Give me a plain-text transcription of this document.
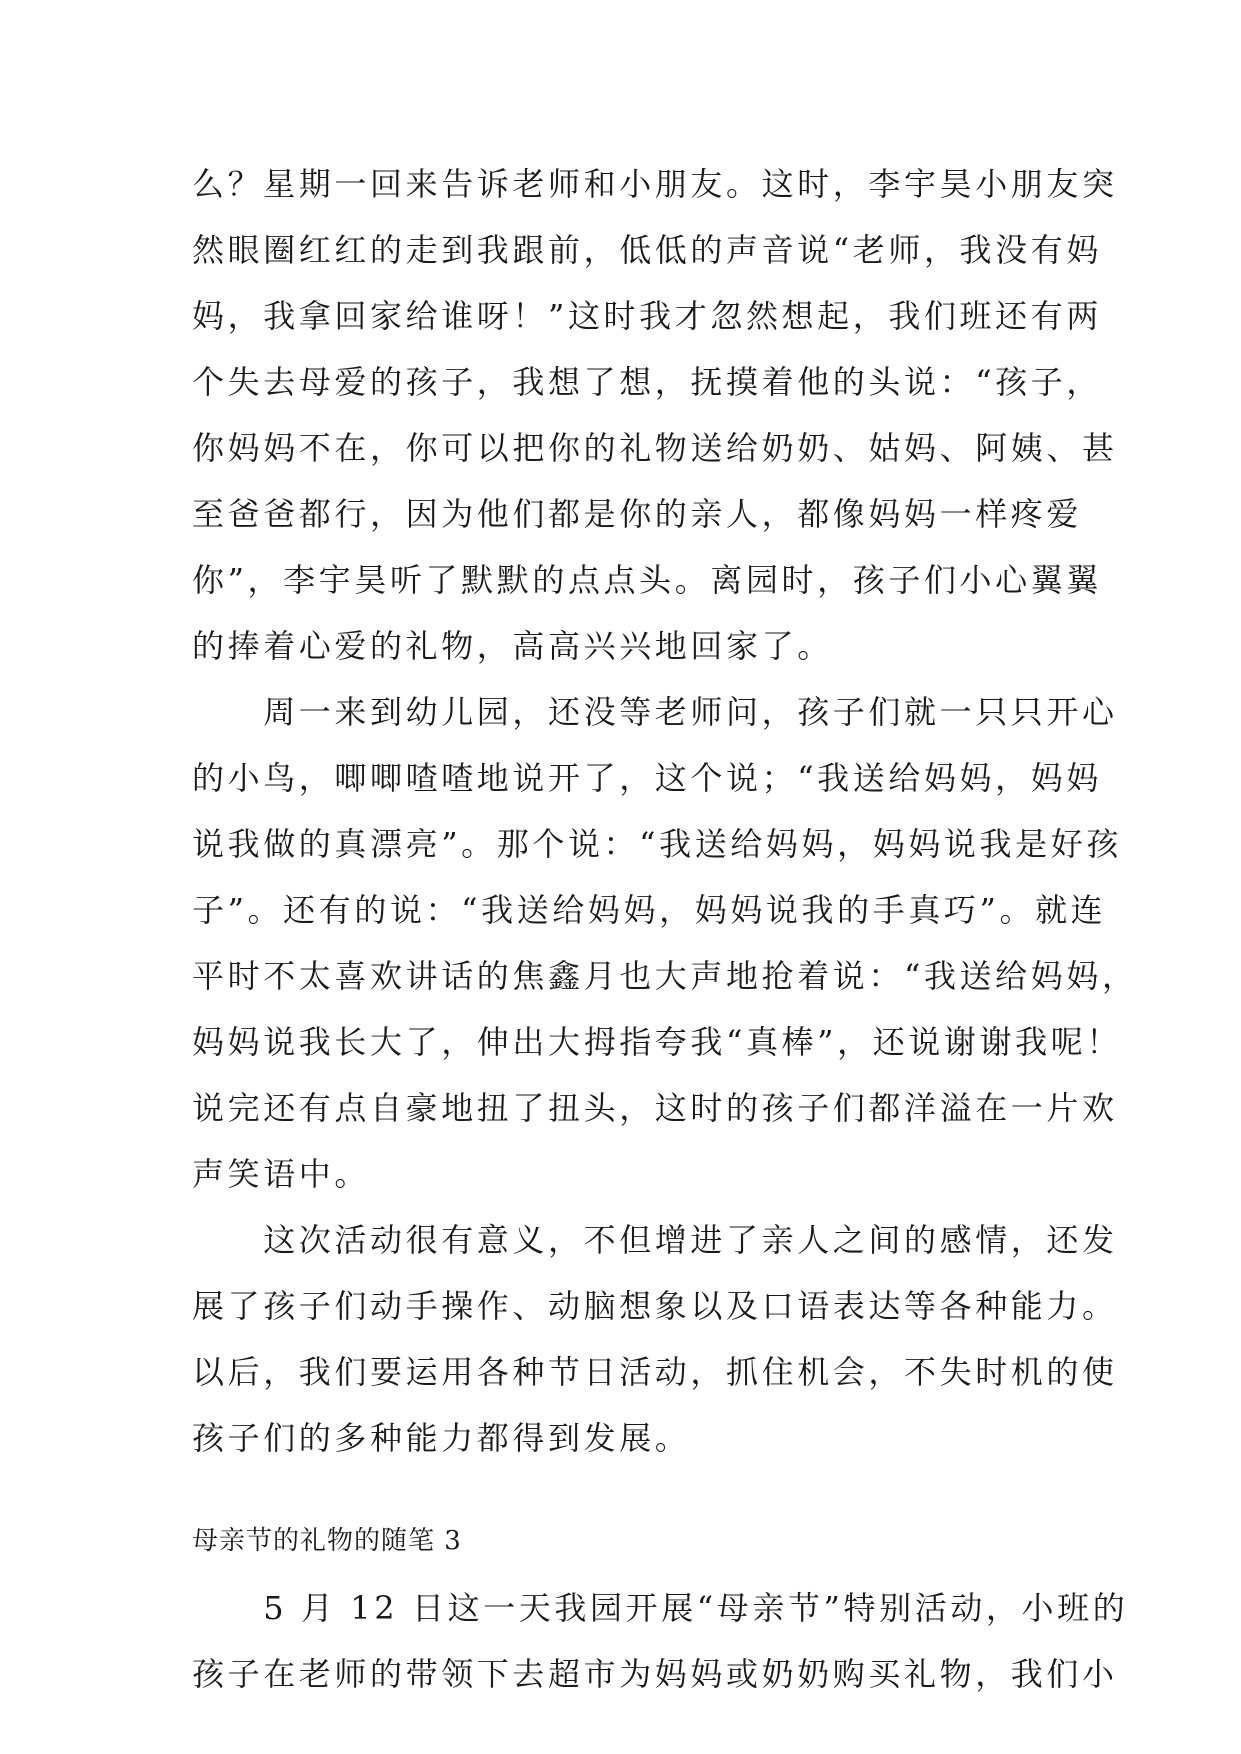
么？星期一回来告诉老师和小朋友。这时，李宇昊小朋友突
然眼圈红红的走到我跟前，低低的声音说“老师，我没有妈
妈，我拿回家给谁呀！”这时我才忽然想起，我们班还有两
个失去母爱的孩子，我想了想，抚摸着他的头说：“孩子，
你妈妈不在，你可以把你的礼物送给奶奶、姑妈、阿姨、甚
至爸爸都行，因为他们都是你的亲人，都像妈妈一样疼爱
你”，李宇昊听了默默的点点头。离园时，孩子们小心翼翼
的捧着心爱的礼物，高高兴兴地回家了。
　　周一来到幼儿园，还没等老师问，孩子们就一只只开心
的小鸟，唧唧喳喳地说开了，这个说；“我送给妈妈，妈妈
说我做的真漂亮”。那个说：“我送给妈妈，妈妈说我是好孩
子”。还有的说：“我送给妈妈，妈妈说我的手真巧”。就连
平时不太喜欢讲话的焦鑫月也大声地抢着说：“我送给妈妈，
妈妈说我长大了，伸出大拇指夸我“真棒”，还说谢谢我呢！
说完还有点自豪地扭了扭头，这时的孩子们都洋溢在一片欢
声笑语中。
　　这次活动很有意义，不但增进了亲人之间的感情，还发
展了孩子们动手操作、动脑想象以及口语表达等各种能力。
以后，我们要运用各种节日活动，抓住机会，不失时机的使
孩子们的多种能力都得到发展。
母亲节的礼物的随笔 3
　　5 月 12 日这一天我园开展“母亲节”特别活动，小班的
孩子在老师的带领下去超市为妈妈或奶奶购买礼物，我们小
